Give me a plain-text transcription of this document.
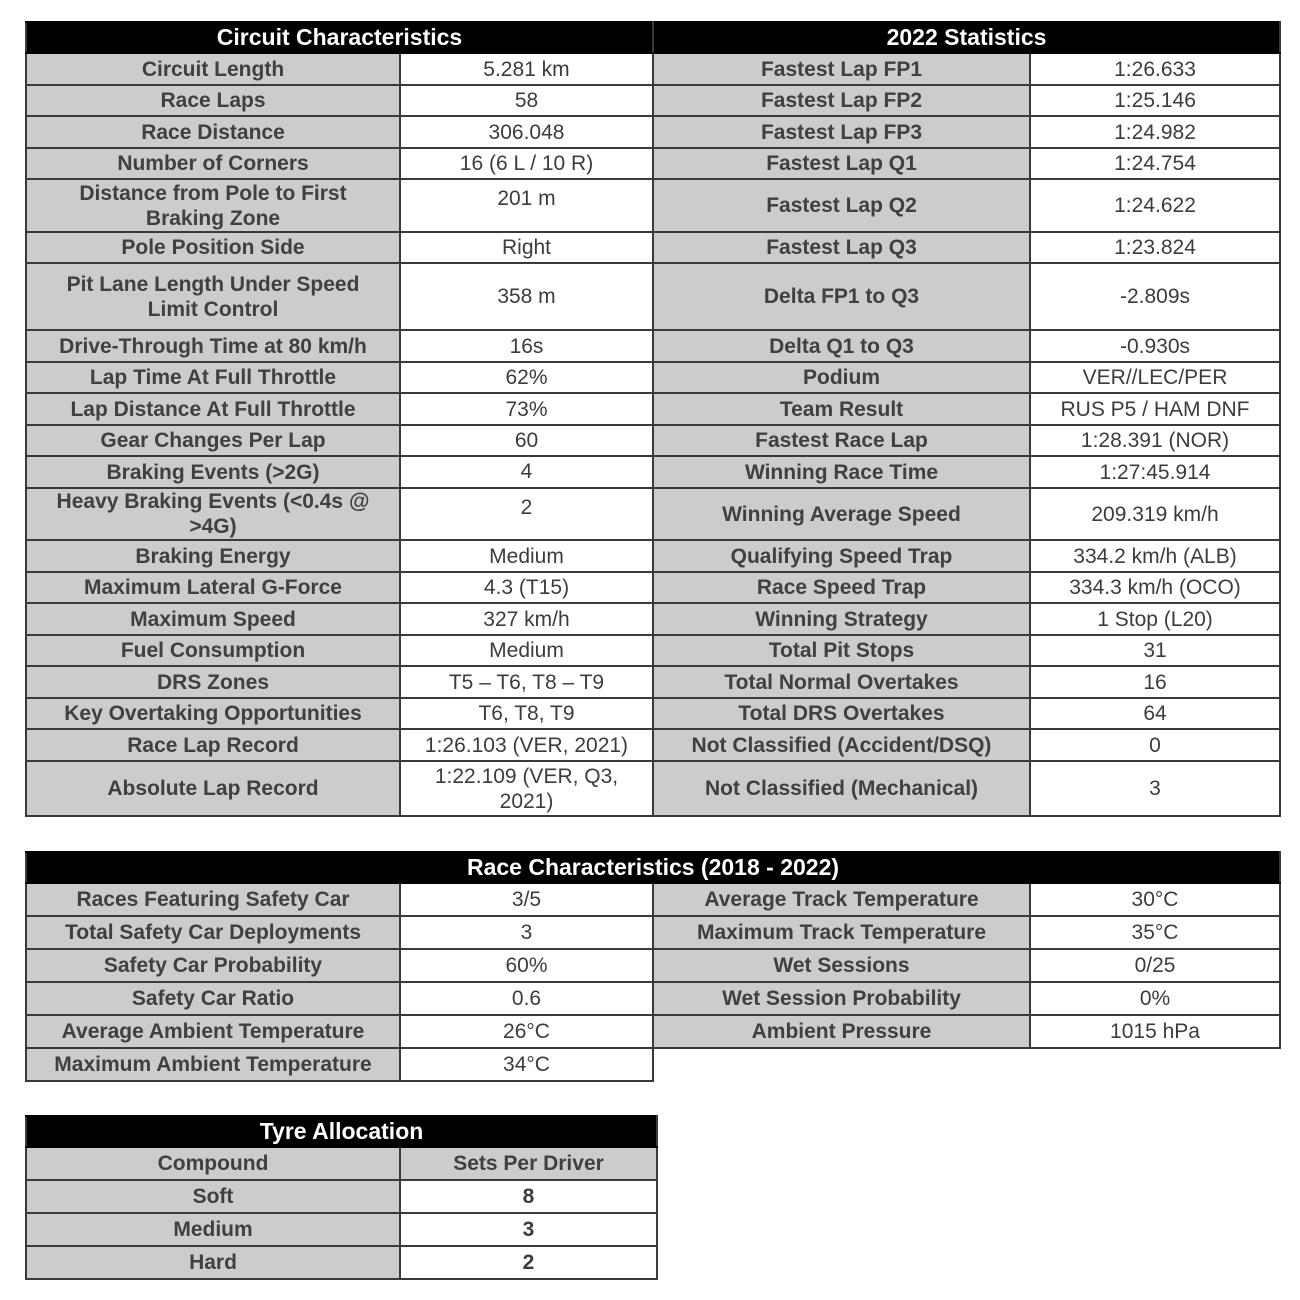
Circuit Characteristics		2022 Statistics	
Circuit Length	5.281 km	Fastest Lap FP1	1:26.633
Race Laps	58	Fastest Lap FP2	1:25.146
Race Distance	306.048	Fastest Lap FP3	1:24.982
Number of Corners	16 (6 L / 10 R)	Fastest Lap Q1	1:24.754
Distance from Pole to First Braking Zone	201 m	Fastest Lap Q2	1:24.622
Pole Position Side	Right	Fastest Lap Q3	1:23.824
Pit Lane Length Under Speed Limit Control	358 m	Delta FP1 to Q3	-2.809s
Drive-Through Time at 80 km/h	16s	Delta Q1 to Q3	-0.930s
Lap Time At Full Throttle	62%	Podium	VER//LEC/PER
Lap Distance At Full Throttle	73%	Team Result	RUS P5 / HAM DNF
Gear Changes Per Lap	60	Fastest Race Lap	1:28.391 (NOR)
Braking Events (>2G)	4	Winning Race Time	1:27:45.914
Heavy Braking Events (<0.4s @ >4G)	2	Winning Average Speed	209.319 km/h
Braking Energy	Medium	Qualifying Speed Trap	334.2 km/h (ALB)
Maximum Lateral G-Force	4.3 (T15)	Race Speed Trap	334.3 km/h (OCO)
Maximum Speed	327 km/h	Winning Strategy	1 Stop (L20)
Fuel Consumption	Medium	Total Pit Stops	31
DRS Zones	T5 – T6, T8 – T9	Total Normal Overtakes	16
Key Overtaking Opportunities	T6, T8, T9	Total DRS Overtakes	64
Race Lap Record	1:26.103 (VER, 2021)	Not Classified (Accident/DSQ)	0
Absolute Lap Record	1:22.109 (VER, Q3, 2021)	Not Classified (Mechanical)	3
Race Characteristics (2018 - 2022)			
Races Featuring Safety Car	3/5	Average Track Temperature	30°C
Total Safety Car Deployments	3	Maximum Track Temperature	35°C
Safety Car Probability	60%	Wet Sessions	0/25
Safety Car Ratio	0.6	Wet Session Probability	0%
Average Ambient Temperature	26°C	Ambient Pressure	1015 hPa
Maximum Ambient Temperature	34°C		
Tyre Allocation	
Compound	Sets Per Driver
Soft	8
Medium	3
Hard	2
